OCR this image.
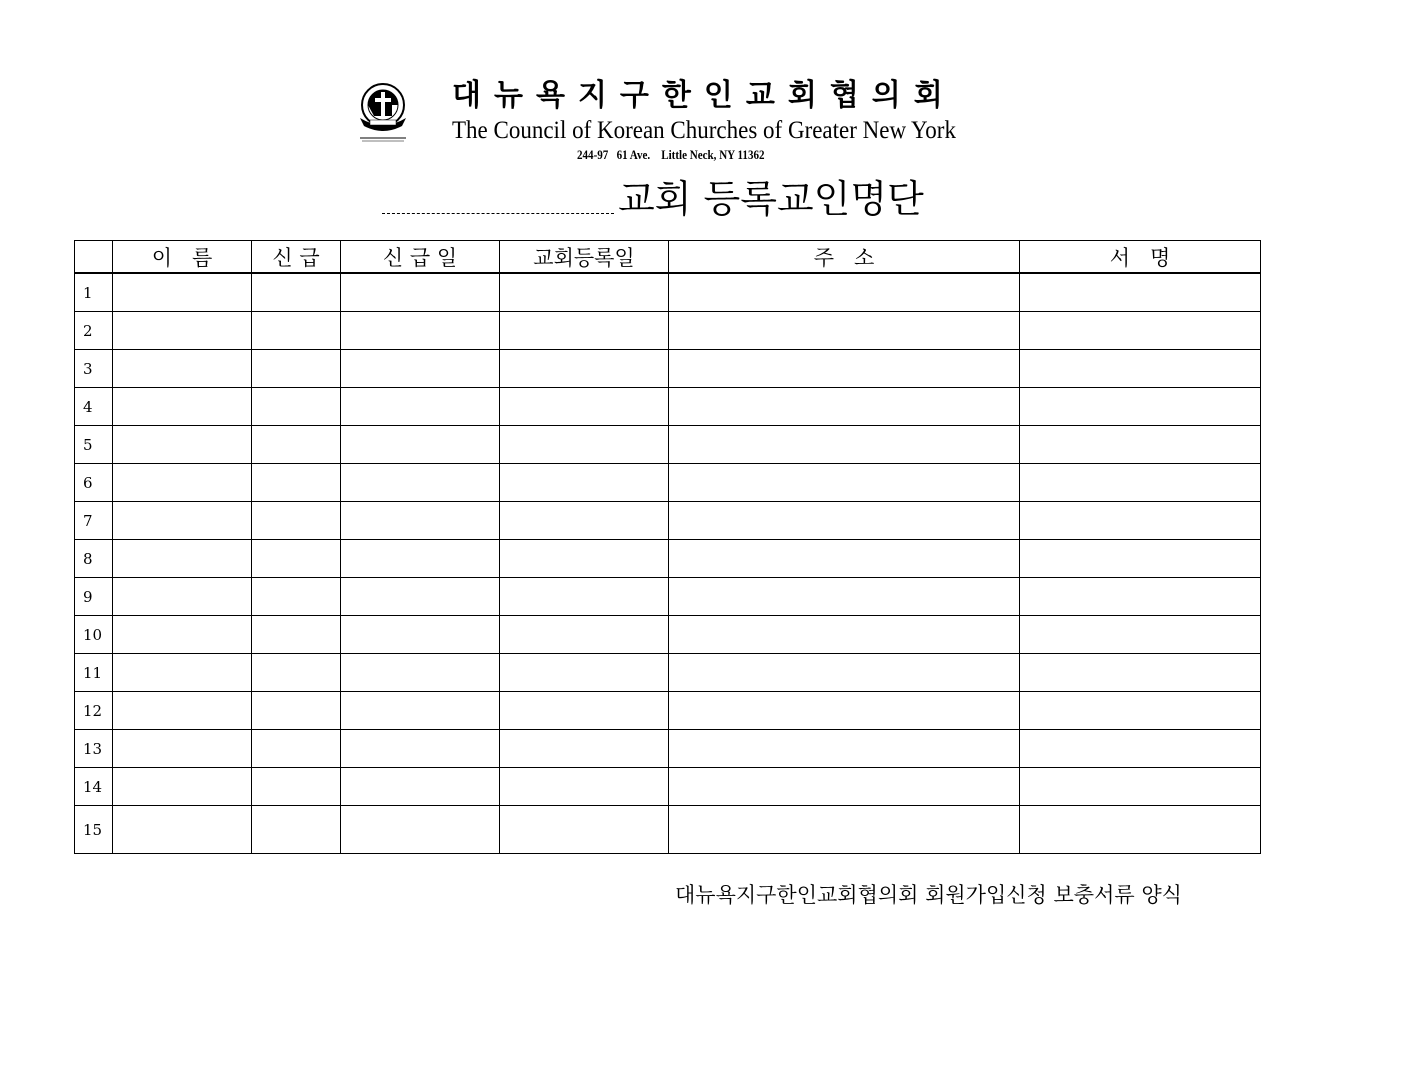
대뉴욕지구한인교회협의회
The Council of Korean Churches of Greater New York
244-97   61 Ave.    Little Neck, NY 11362
교회 등록교인명단
	이   름	신 급	신 급 일	교회등록일	주   소	서   명
1						
2						
3						
4						
5						
6						
7						
8						
9						
10						
11						
12						
13						
14						
15						
대뉴욕지구한인교회협의회 회원가입신청 보충서류 양식
